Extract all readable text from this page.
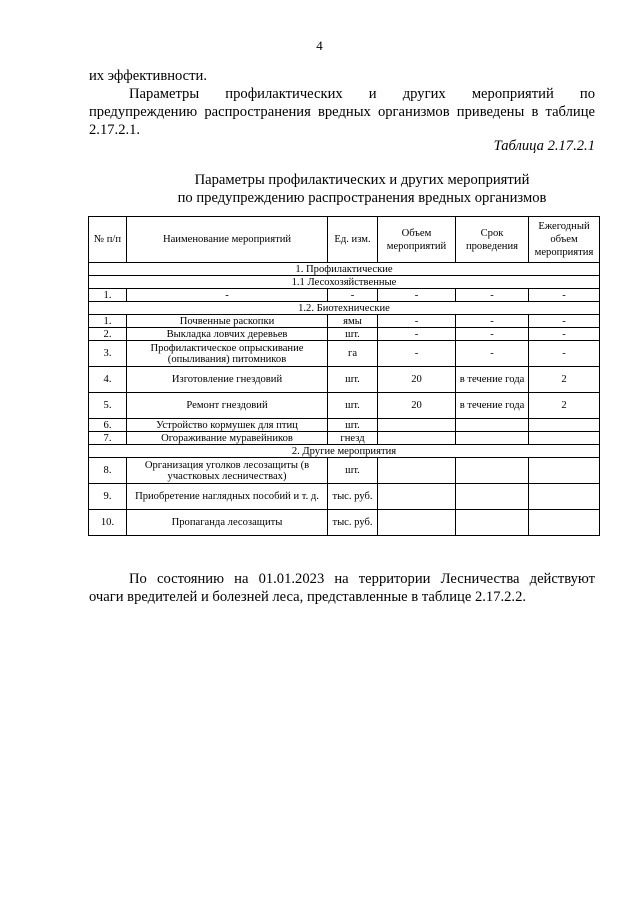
4
их эффективности.
Параметры профилактических и других мероприятий по
предупреждению распространения вредных организмов приведены в таблице
2.17.2.1.
Таблица 2.17.2.1
Параметры профилактических и других мероприятий
по предупреждению распространения вредных организмов
№ п/п	Наименование мероприятий	Ед. изм.	Объем мероприятий	Срок проведения	Ежегодный объем мероприятия
1. Профилактические					
1.1 Лесохозяйственные					
1.	-	-	-	-	-
1.2. Биотехнические					
1.	Почвенные раскопки	ямы	-	-	-
2.	Выкладка ловчих деревьев	шт.	-	-	-
3.	Профилактическое опрыскивание (опыливания) питомников	га	-	-	-
4.	Изготовление гнездовий	шт.	20	в течение года	2
5.	Ремонт гнездовий	шт.	20	в течение года	2
6.	Устройство кормушек для птиц	шт.			
7.	Огораживание муравейников	гнезд			
2. Другие мероприятия					
8.	Организация уголков лесозащиты (в участковых лесничествах)	шт.			
9.	Приобретение наглядных пособий и т. д.	тыс. руб.			
10.	Пропаганда лесозащиты	тыс. руб.			
По состоянию на 01.01.2023 на территории Лесничества действуют
очаги вредителей и болезней леса, представленные в таблице 2.17.2.2.
